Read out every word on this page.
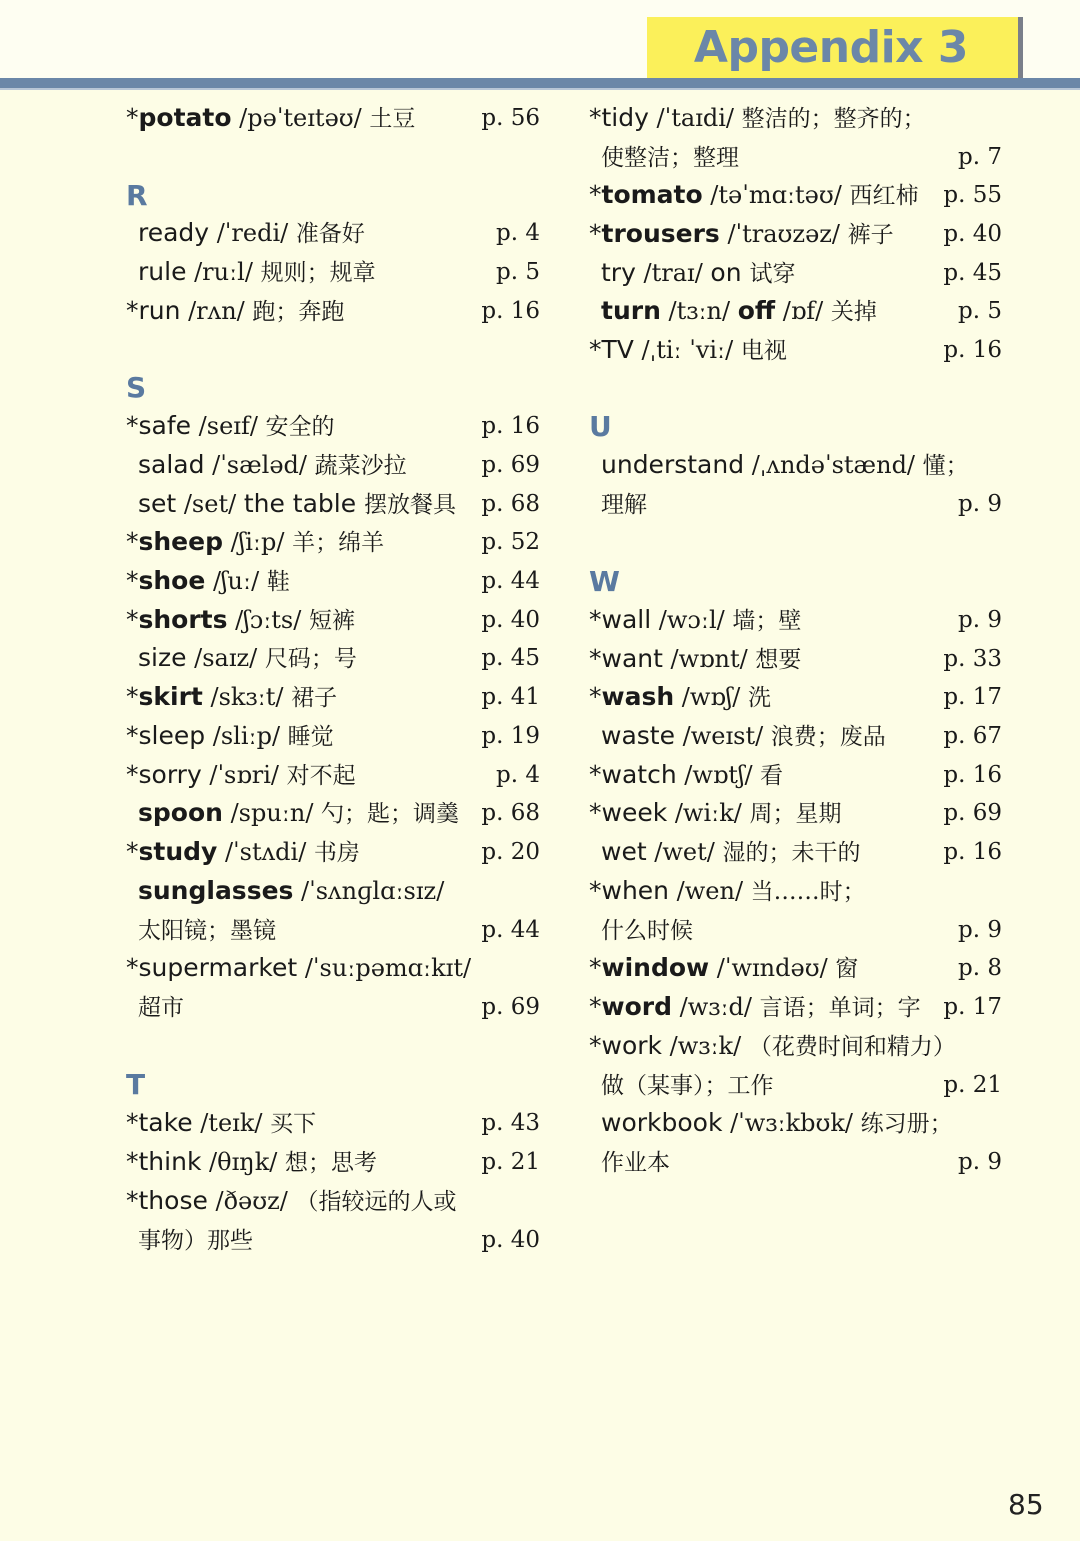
Appendix 3
85
*potato /pəˈteɪtəʊ/ 土豆	p. 56
R
ready /ˈredi/ 准备好	p. 4
rule /ruːl/ 规则；规章	p. 5
*run /rʌn/ 跑；奔跑	p. 16
S
*safe /seɪf/ 安全的	p. 16
salad /ˈsæləd/ 蔬菜沙拉	p. 69
set /set/ the table 摆放餐具	p. 68
*sheep /ʃiːp/ 羊；绵羊	p. 52
*shoe /ʃuː/ 鞋	p. 44
*shorts /ʃɔːts/ 短裤	p. 40
size /saɪz/ 尺码；号	p. 45
*skirt /skɜːt/ 裙子	p. 41
*sleep /sliːp/ 睡觉	p. 19
*sorry /ˈsɒri/ 对不起	p. 4
spoon /spuːn/ 勺；匙；调羹 p. 68
*study /ˈstʌdi/ 书房	p. 20
sunglasses /ˈsʌnɡlɑːsɪz/
太阳镜；墨镜	p. 44
*supermarket /ˈsuːpəmɑːkɪt/
超市	p. 69
T
*take /teɪk/ 买下	p. 43
*think /θɪŋk/ 想；思考	p. 21
*those /ðəʊz/ （指较远的人或
事物）那些	p. 40
*tidy /ˈtaɪdi/ 整洁的；整齐的；
使整洁；整理	p. 7
*tomato /təˈmɑːtəʊ/ 西红柿	p. 55
*trousers /ˈtraʊzəz/ 裤子	p. 40
try /traɪ/ on 试穿	p. 45
turn /tɜːn/ off /ɒf/ 关掉	p. 5
*TV /ˌtiː ˈviː/ 电视	p. 16
U
understand /ˌʌndəˈstænd/ 懂；
理解	p. 9
W
*wall /wɔːl/ 墙；壁	p. 9
*want /wɒnt/ 想要	p. 33
*wash /wɒʃ/ 洗	p. 17
waste /weɪst/ 浪费；废品	p. 67
*watch /wɒtʃ/ 看	p. 16
*week /wiːk/ 周；星期	p. 69
wet /wet/ 湿的；未干的	p. 16
*when /wen/ 当……时；
什么时候	p. 9
*window /ˈwɪndəʊ/ 窗	p. 8
*word /wɜːd/ 言语；单词；字 p. 17
*work /wɜːk/ （花费时间和精力）
做（某事）；工作	p. 21
workbook /ˈwɜːkbʊk/ 练习册；
作业本	p. 9
